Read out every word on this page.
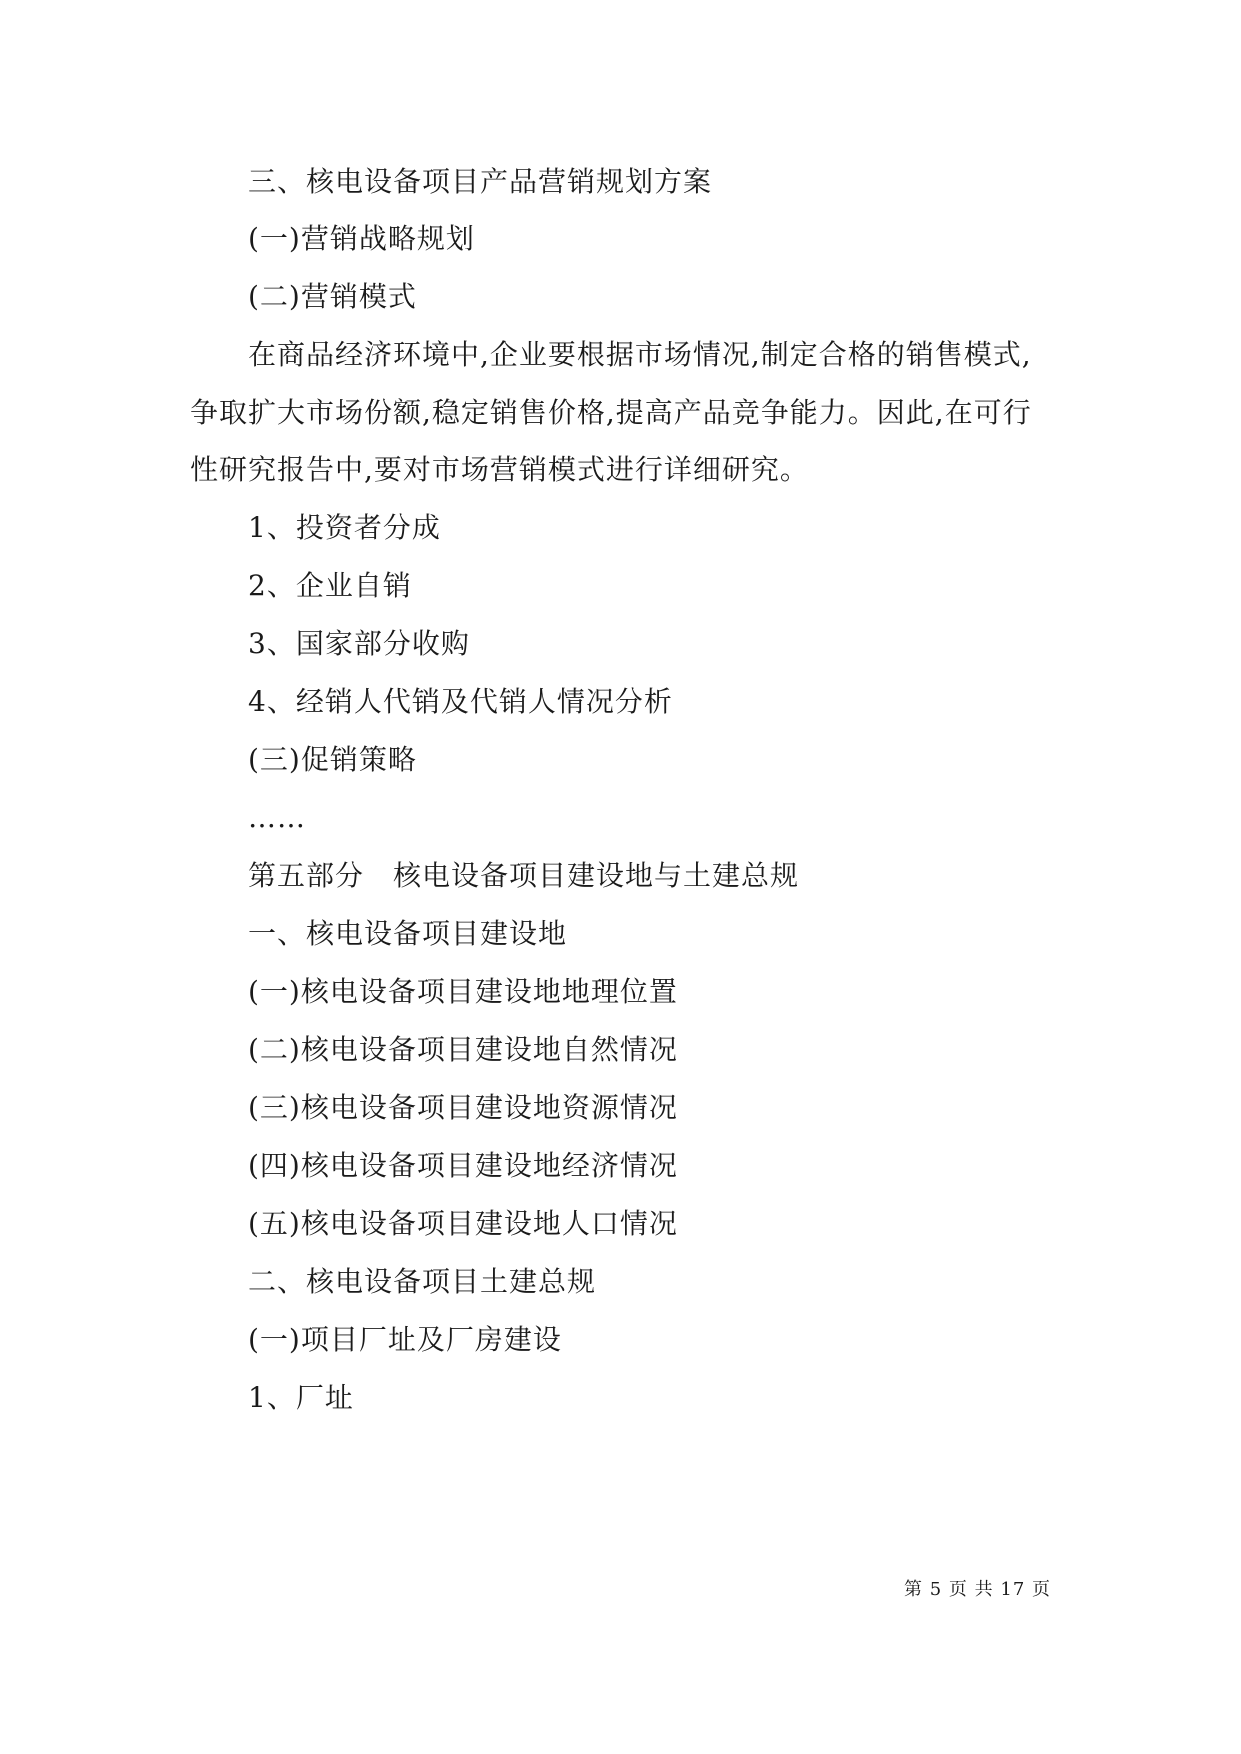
三、核电设备项目产品营销规划方案
(一)营销战略规划
(二)营销模式
在商品经济环境中,企业要根据市场情况,制定合格的销售模式,
争取扩大市场份额,稳定销售价格,提高产品竞争能力。因此,在可行
性研究报告中,要对市场营销模式进行详细研究。
1、投资者分成
2、企业自销
3、国家部分收购
4、经销人代销及代销人情况分析
(三)促销策略
……
第五部分　核电设备项目建设地与土建总规
一、核电设备项目建设地
(一)核电设备项目建设地地理位置
(二)核电设备项目建设地自然情况
(三)核电设备项目建设地资源情况
(四)核电设备项目建设地经济情况
(五)核电设备项目建设地人口情况
二、核电设备项目土建总规
(一)项目厂址及厂房建设
1、厂址
第 5 页 共 17 页
